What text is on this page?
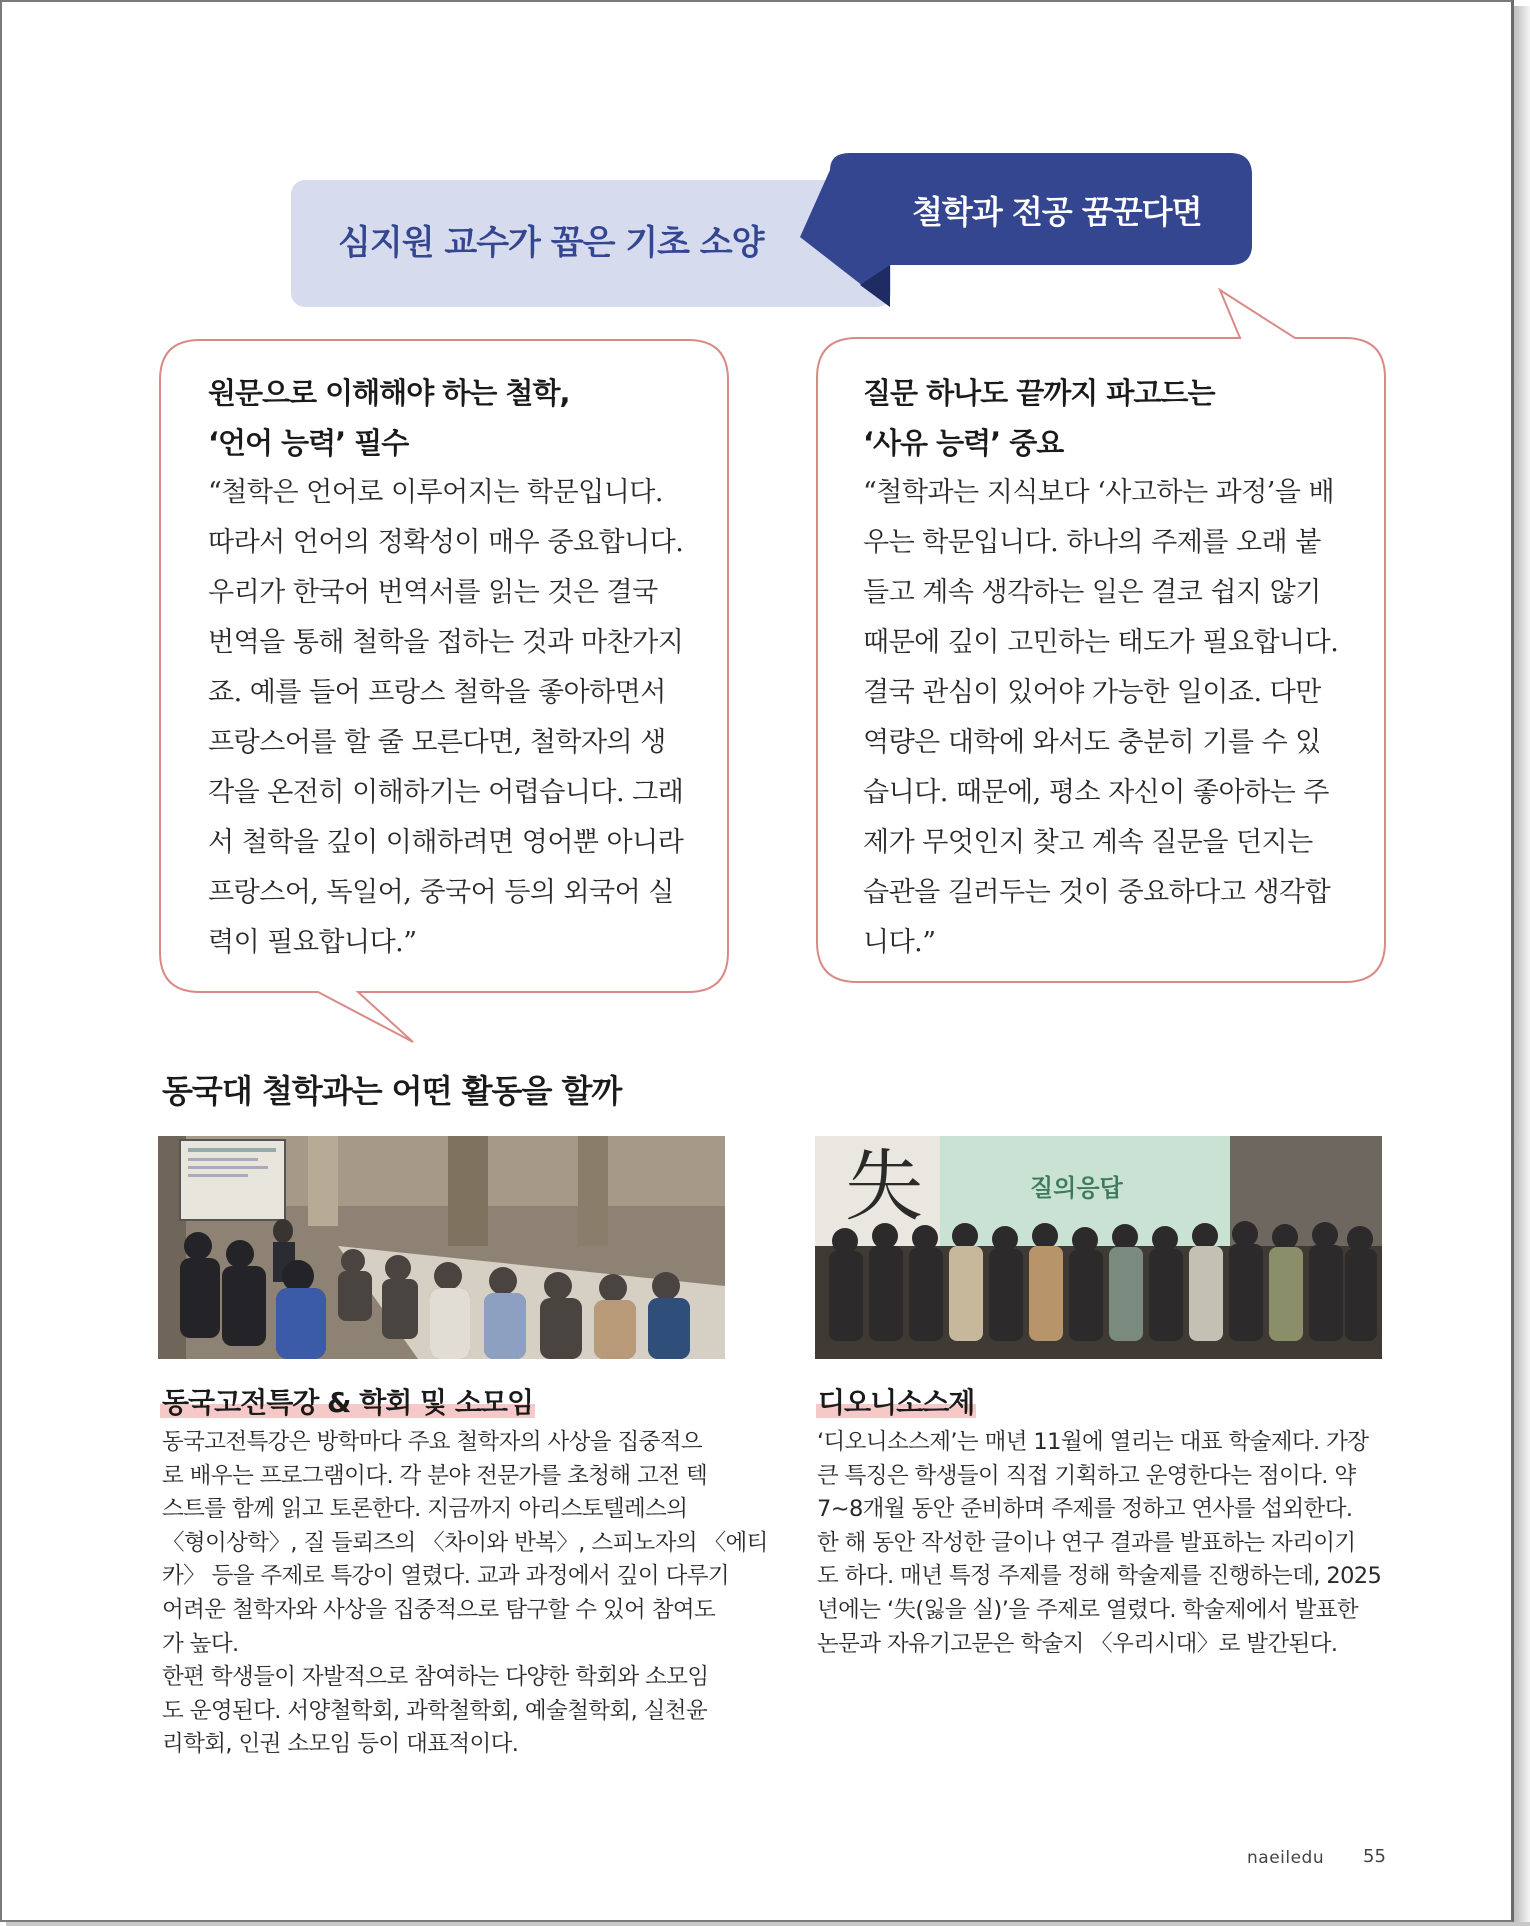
심지원 교수가 꼽은 기초 소양
철학과 전공 꿈꾼다면
원문으로 이해해야 하는 철학,
‘언어 능력’ 필수
“철학은 언어로 이루어지는 학문입니다.
따라서 언어의 정확성이 매우 중요합니다.
우리가 한국어 번역서를 읽는 것은 결국
번역을 통해 철학을 접하는 것과 마찬가지
죠. 예를 들어 프랑스 철학을 좋아하면서
프랑스어를 할 줄 모른다면, 철학자의 생
각을 온전히 이해하기는 어렵습니다. 그래
서 철학을 깊이 이해하려면 영어뿐 아니라
프랑스어, 독일어, 중국어 등의 외국어 실
력이 필요합니다.”
질문 하나도 끝까지 파고드는
‘사유 능력’ 중요
“철학과는 지식보다 ‘사고하는 과정’을 배
우는 학문입니다. 하나의 주제를 오래 붙
들고 계속 생각하는 일은 결코 쉽지 않기
때문에 깊이 고민하는 태도가 필요합니다.
결국 관심이 있어야 가능한 일이죠. 다만
역량은 대학에 와서도 충분히 기를 수 있
습니다. 때문에, 평소 자신이 좋아하는 주
제가 무엇인지 찾고 계속 질문을 던지는
습관을 길러두는 것이 중요하다고 생각합
니다.”
동국대 철학과는 어떤 활동을 할까
失	질의응답
동국고전특강 & 학회 및 소모임

동국고전특강은 방학마다 주요 철학자의 사상을 집중적으
로 배우는 프로그램이다. 각 분야 전문가를 초청해 고전 텍
스트를 함께 읽고 토론한다. 지금까지 아리스토텔레스의
〈형이상학〉, 질 들뢰즈의 〈차이와 반복〉, 스피노자의 〈에티
카〉 등을 주제로 특강이 열렸다. 교과 과정에서 깊이 다루기
어려운 철학자와 사상을 집중적으로 탐구할 수 있어 참여도
가 높다.

한편 학생들이 자발적으로 참여하는 다양한 학회와 소모임
도 운영된다. 서양철학회, 과학철학회, 예술철학회, 실천윤
리학회, 인권 소모임 등이 대표적이다.

디오니소스제

‘디오니소스제’는 매년 11월에 열리는 대표 학술제다. 가장
큰 특징은 학생들이 직접 기획하고 운영한다는 점이다. 약
7∼8개월 동안 준비하며 주제를 정하고 연사를 섭외한다.
한 해 동안 작성한 글이나 연구 결과를 발표하는 자리이기
도 하다. 매년 특정 주제를 정해 학술제를 진행하는데, 2025
년에는 ‘失(잃을 실)’을 주제로 열렸다. 학술제에서 발표한
논문과 자유기고문은 학술지 〈우리시대〉로 발간된다.

naeiledu 55
